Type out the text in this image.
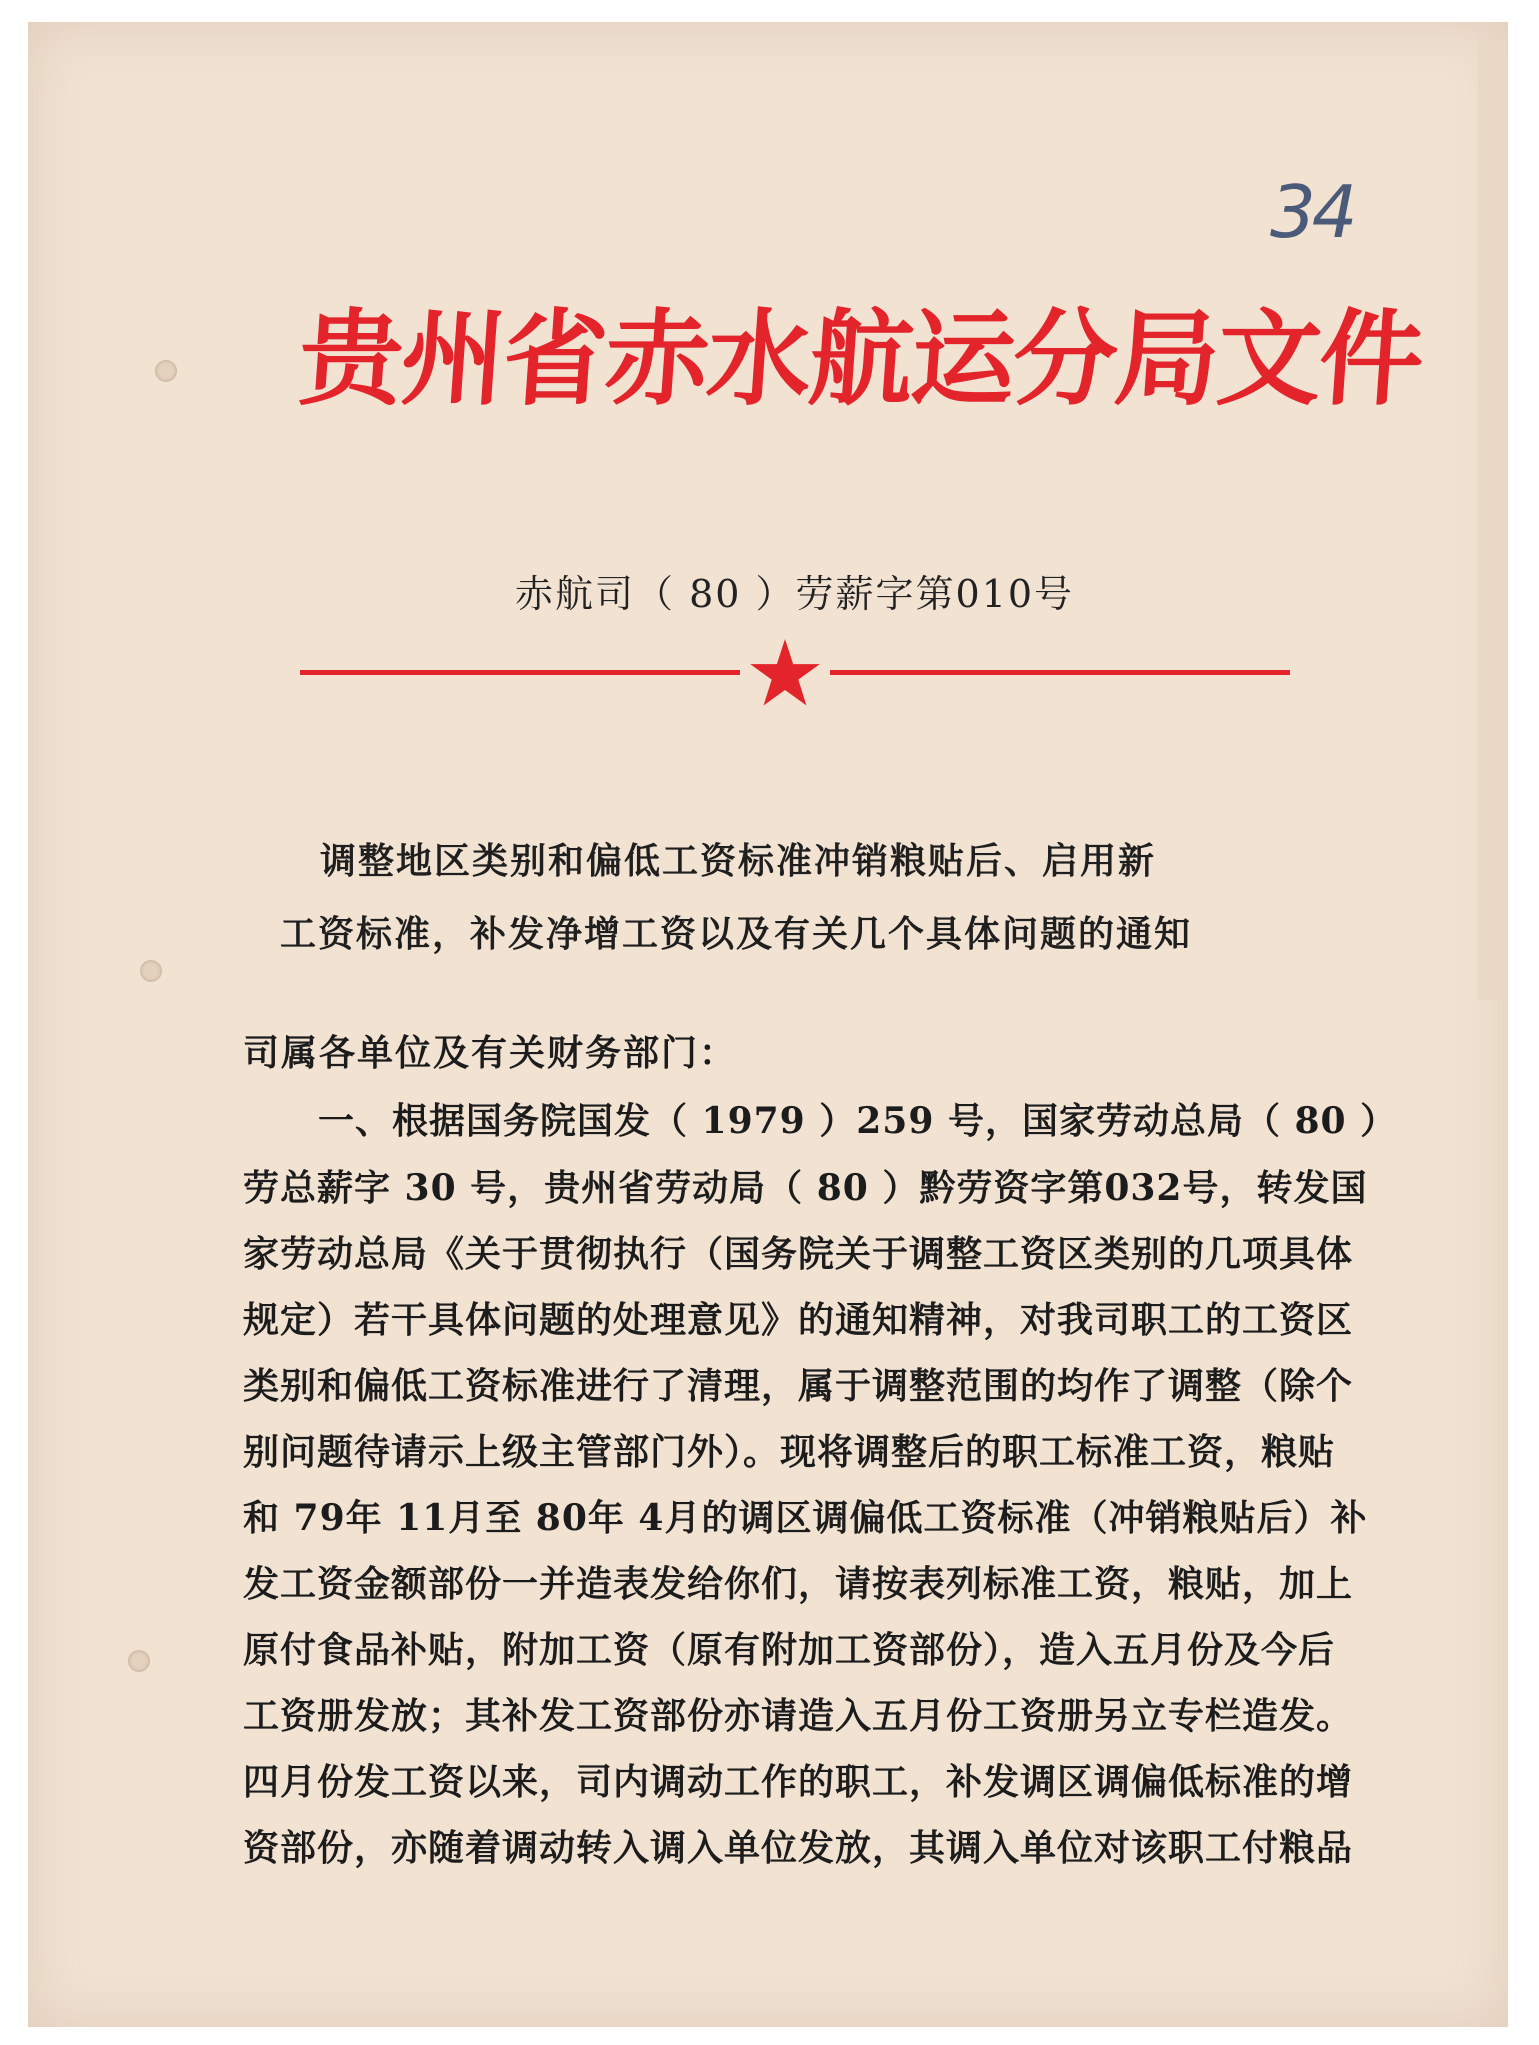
34
贵州省赤水航运分局文件
赤航司（ 80 ）劳薪字第010号
调整地区类别和偏低工资标准冲销粮贴后、启用新
工资标准，补发净增工资以及有关几个具体问题的通知
司属各单位及有关财务部门：
一、根据国务院国发（ 1979 ）259 号，国家劳动总局（ 80 ）
劳总薪字 30 号，贵州省劳动局（ 80 ）黔劳资字第032号，转发国
家劳动总局《关于贯彻执行（国务院关于调整工资区类别的几项具体
规定）若干具体问题的处理意见》的通知精神，对我司职工的工资区
类别和偏低工资标准进行了清理，属于调整范围的均作了调整（除个
别问题待请示上级主管部门外）。现将调整后的职工标准工资，粮贴
和 79年 11月至 80年 4月的调区调偏低工资标准（冲销粮贴后）补
发工资金额部份一并造表发给你们，请按表列标准工资，粮贴，加上
原付食品补贴，附加工资（原有附加工资部份），造入五月份及今后
工资册发放；其补发工资部份亦请造入五月份工资册另立专栏造发。
四月份发工资以来，司内调动工作的职工，补发调区调偏低标准的增
资部份，亦随着调动转入调入单位发放，其调入单位对该职工付粮品
